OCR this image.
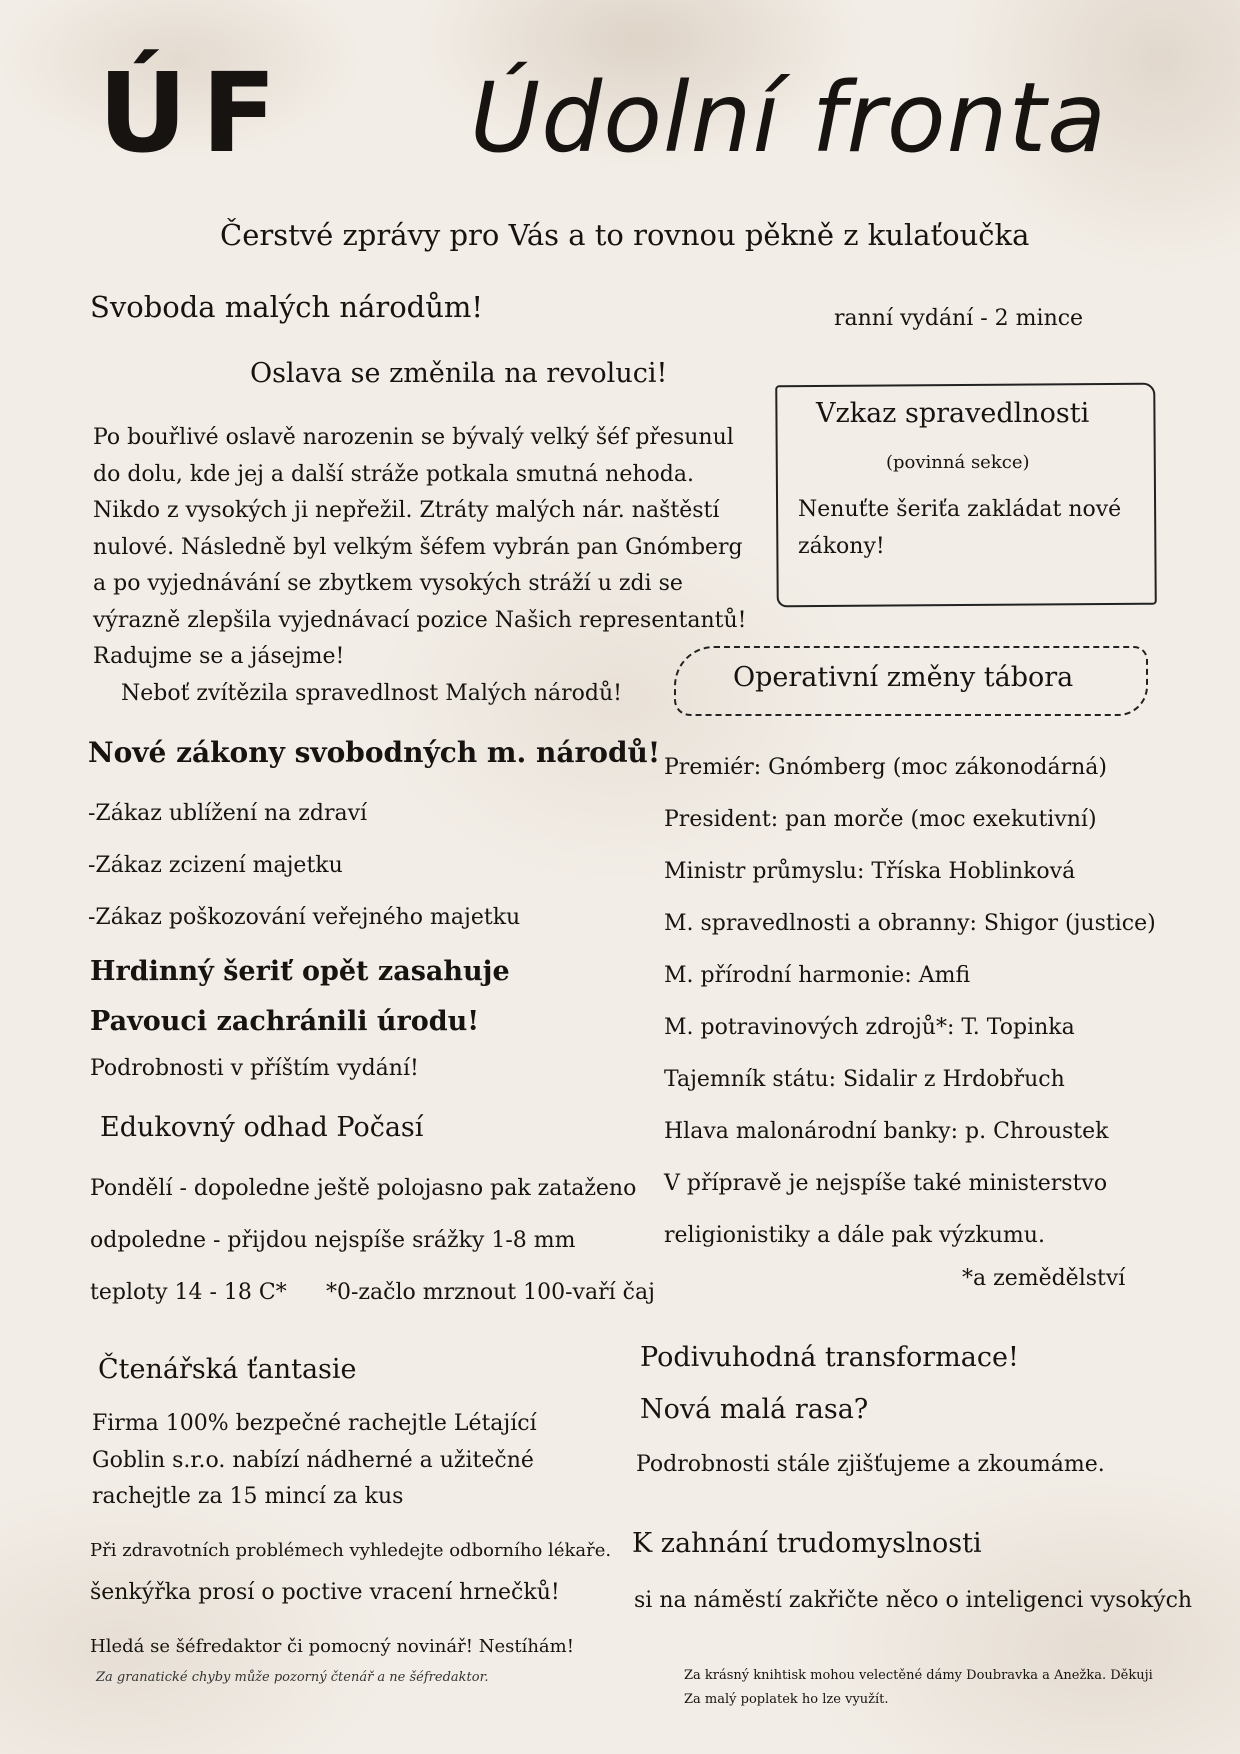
ÚF Údolní fronta
Čerstvé zprávy pro Vás a to rovnou pěkně z kulaťoučka
ranní vydání - 2 mince
Svoboda malých národům!
Oslava se změnila na revoluci!
Po bouřlivé oslavě narozenin se bývalý velký šéf přesunul
do dolu, kde jej a další stráže potkala smutná nehoda.
Nikdo z vysokých ji nepřežil. Ztráty malých nár. naštěstí
nulové. Následně byl velkým šéfem vybrán pan Gnómberg
a po vyjednávání se zbytkem vysokých stráží u zdi se
výrazně zlepšila vyjednávací pozice Našich representantů!
Radujme se a jásejme!
Neboť zvítězila spravedlnost Malých národů!
Vzkaz spravedlnosti
(povinná sekce)
Nenuťte šeriťa zakládat nové
zákony!
Operativní změny tábora
Premiér: Gnómberg (moc zákonodárná)
President: pan morče (moc exekutivní)
Ministr průmyslu: Tříska Hoblinková
M. spravedlnosti a obranny: Shigor (justice)
M. přírodní harmonie: Amfi
M. potravinových zdrojů*: T. Topinka
Tajemník státu: Sidalir z Hrdobřuch
Hlava malonárodní banky: p. Chroustek
V přípravě je nejspíše také ministerstvo
religionistiky a dále pak výzkumu.
*a zemědělství
Nové zákony svobodných m. národů!
-Zákaz ublížení na zdraví
-Zákaz zcizení majetku
-Zákaz poškozování veřejného majetku
Hrdinný šeriť opět zasahuje
Pavouci zachránili úrodu!
Podrobnosti v příštím vydání!
Edukovný odhad Počasí
Pondělí - dopoledne ještě polojasno pak zataženo
odpoledne - přijdou nejspíše srážky 1-8 mm
teploty 14 - 18 C* *0-začlo mrznout 100-vaří čaj
Čtenářská ťantasie
Firma 100% bezpečné rachejtle Létající
Goblin s.r.o. nabízí nádherné a užitečné
rachejtle za 15 mincí za kus
Při zdravotních problémech vyhledejte odborního lékaře.
šenkýřka prosí o poctive vracení hrnečků!
Hledá se šéfredaktor či pomocný novinář! Nestíhám!
Za granatické chyby může pozorný čtenář a ne šéfredaktor.
Podivuhodná transformace!
Nová malá rasa?
Podrobnosti stále zjišťujeme a zkoumáme.
K zahnání trudomyslnosti
si na náměstí zakřičte něco o inteligenci vysokých
Za krásný knihtisk mohou velectěné dámy Doubravka a Anežka. Děkuji
Za malý poplatek ho lze využít.
